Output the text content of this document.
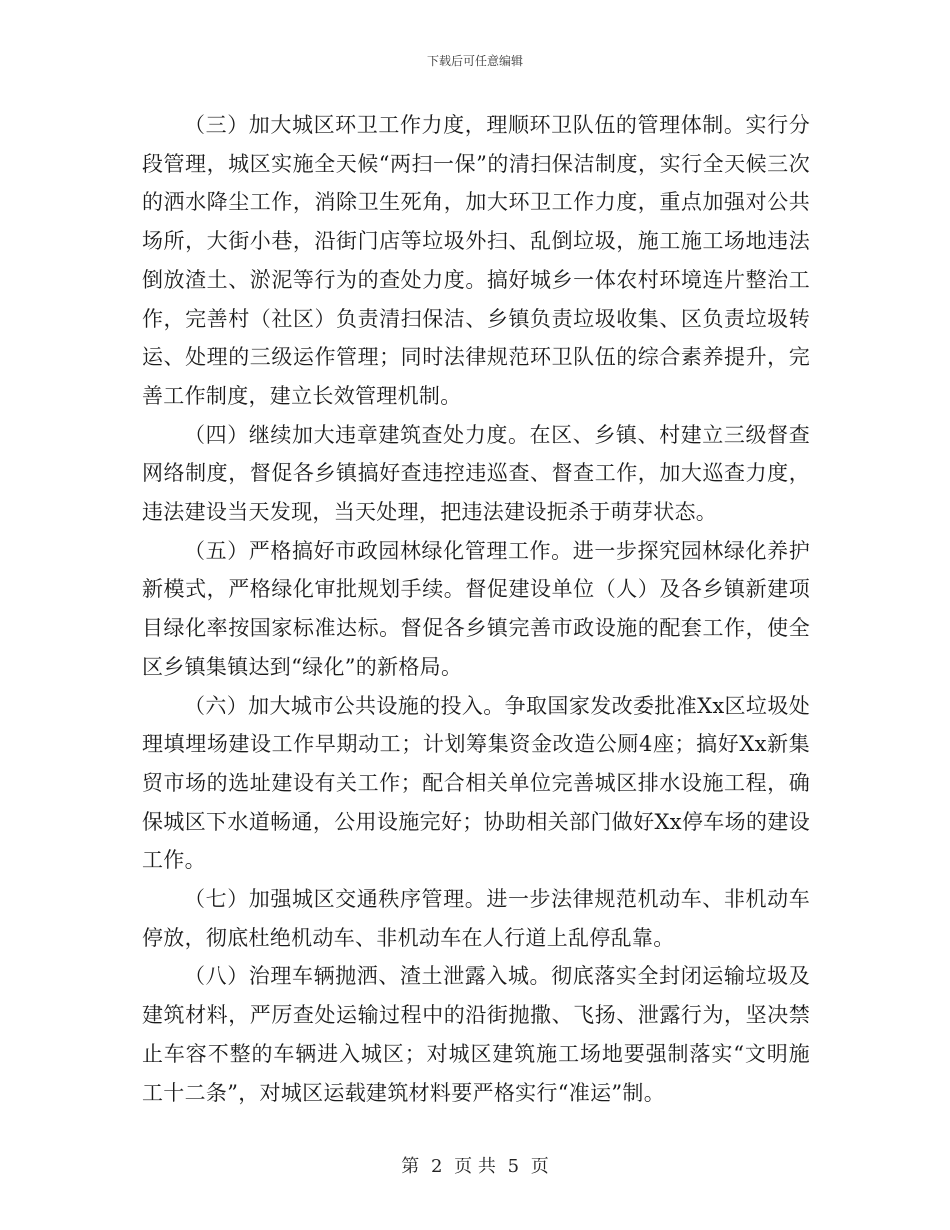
下载后可任意编辑

（三）加大城区环卫工作力度，理顺环卫队伍的管理体制。实行分段管理，城区实施全天候“两扫一保”的清扫保洁制度，实行全天候三次的洒水降尘工作，消除卫生死角，加大环卫工作力度，重点加强对公共场所，大街小巷，沿街门店等垃圾外扫、乱倒垃圾，施工施工场地违法倒放渣土、淤泥等行为的查处力度。搞好城乡一体农村环境连片整治工作，完善村（社区）负责清扫保洁、乡镇负责垃圾收集、区负责垃圾转运、处理的三级运作管理；同时法律规范环卫队伍的综合素养提升，完善工作制度，建立长效管理机制。

（四）继续加大违章建筑查处力度。在区、乡镇、村建立三级督查网络制度，督促各乡镇搞好查违控违巡查、督查工作，加大巡查力度，违法建设当天发现，当天处理，把违法建设扼杀于萌芽状态。

（五）严格搞好市政园林绿化管理工作。进一步探究园林绿化养护新模式，严格绿化审批规划手续。督促建设单位（人）及各乡镇新建项目绿化率按国家标准达标。督促各乡镇完善市政设施的配套工作，使全区乡镇集镇达到“绿化”的新格局。

（六）加大城市公共设施的投入。争取国家发改委批准Xx区垃圾处理填埋场建设工作早期动工；计划筹集资金改造公厕4座；搞好Xx新集贸市场的选址建设有关工作；配合相关单位完善城区排水设施工程，确保城区下水道畅通，公用设施完好；协助相关部门做好Xx停车场的建设工作。

（七）加强城区交通秩序管理。进一步法律规范机动车、非机动车停放，彻底杜绝机动车、非机动车在人行道上乱停乱靠。

（八）治理车辆抛洒、渣土泄露入城。彻底落实全封闭运输垃圾及建筑材料，严厉查处运输过程中的沿街抛撒、飞扬、泄露行为，坚决禁止车容不整的车辆进入城区；对城区建筑施工场地要强制落实“文明施工十二条”，对城区运载建筑材料要严格实行“准运”制。

第 2 页 共 5 页
